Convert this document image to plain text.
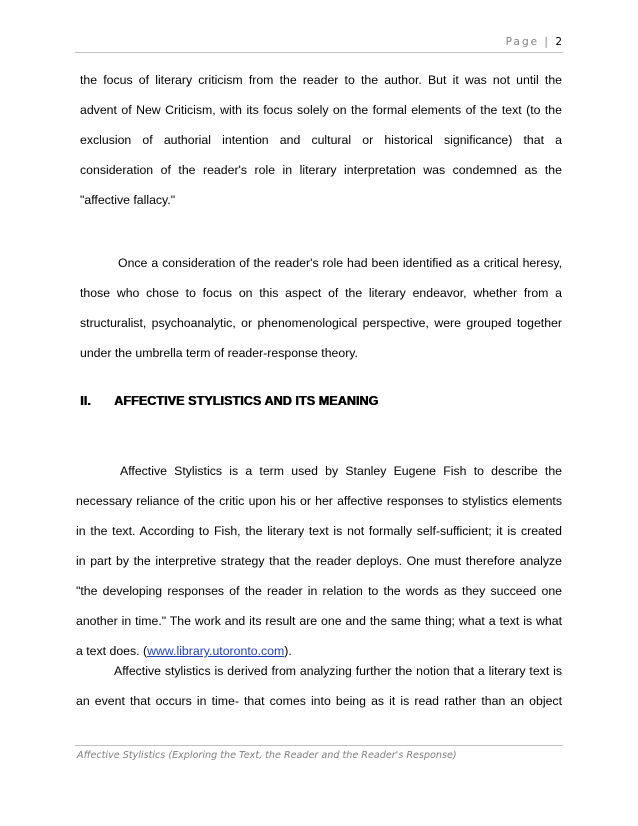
Page | 2
the focus of literary criticism from the reader to the author. But it was not until the
advent of New Criticism, with its focus solely on the formal elements of the text (to the
exclusion of authorial intention and cultural or historical significance) that a
consideration of the reader's role in literary interpretation was condemned as the
"affective fallacy."
Once a consideration of the reader's role had been identified as a critical heresy,
those who chose to focus on this aspect of the literary endeavor, whether from a
structuralist, psychoanalytic, or phenomenological perspective, were grouped together
under the umbrella term of reader-response theory.
II. AFFECTIVE STYLISTICS AND ITS MEANING
Affective Stylistics is a term used by Stanley Eugene Fish to describe the
necessary reliance of the critic upon his or her affective responses to stylistics elements
in the text. According to Fish, the literary text is not formally self-sufficient; it is created
in part by the interpretive strategy that the reader deploys. One must therefore analyze
"the developing responses of the reader in relation to the words as they succeed one
another in time." The work and its result are one and the same thing; what a text is what
a text does. (www.library.utoronto.com).
Affective stylistics is derived from analyzing further the notion that a literary text is
an event that occurs in time- that comes into being as it is read rather than an object
Affective Stylistics (Exploring the Text, the Reader and the Reader's Response)
